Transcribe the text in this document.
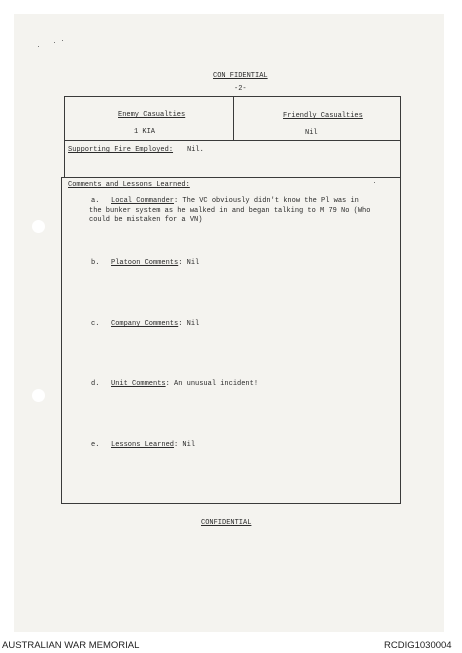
CON FIDENTIAL
-2-
Enemy Casualties
1 KIA
Friendly Casualties
Nil
Supporting Fire Employed: Nil.
Comments and Lessons Learned:
a. Local Commander: The VC obviously didn't know the Pl was in
the bunker system as he walked in and began talking to M 79 No (Who could be mistaken for a VN)
b. Platoon Comments: Nil
c. Company Comments: Nil
d. Unit Comments: An unusual incident!
e. Lessons Learned: Nil
CONFIDENTIAL
AUSTRALIAN WAR MEMORIAL	RCDIG1030004
